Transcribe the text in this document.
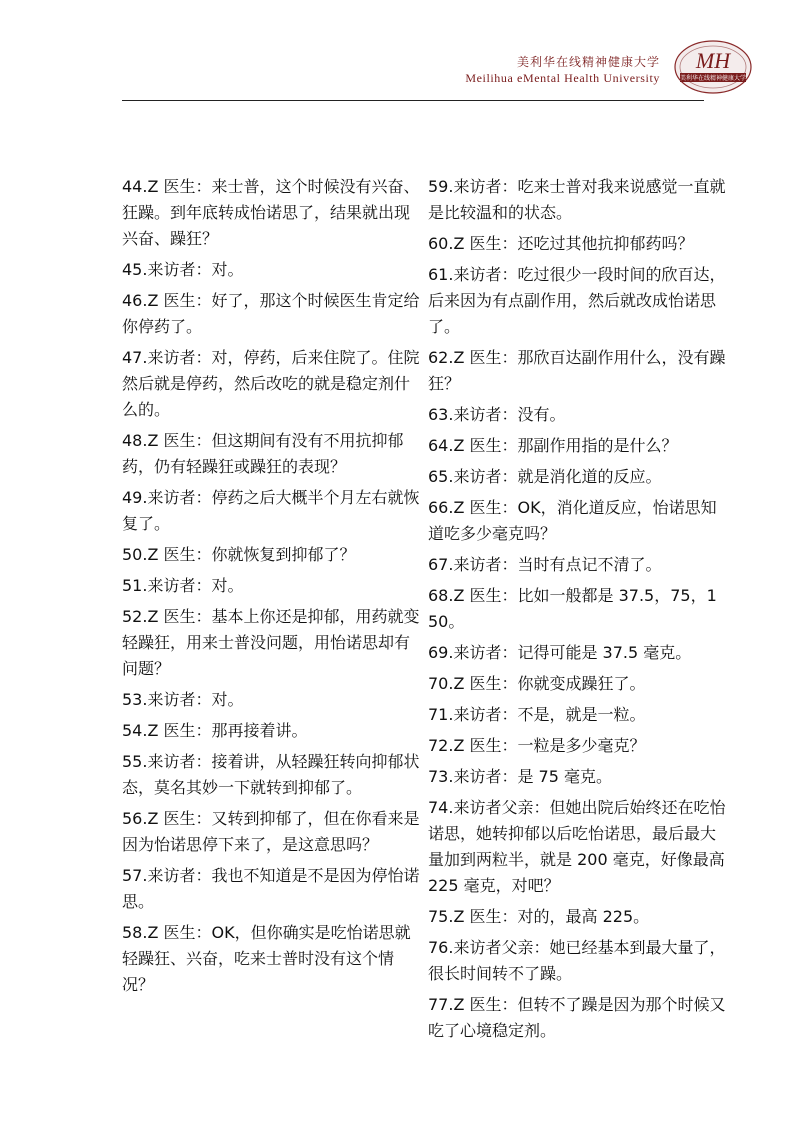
美利华在线精神健康大学
Meilihua eMental Health University
MH
美利华在线精神健康大学

44.Z 医生：来士普，这个时候没有兴奋、狂躁。到年底转成怡诺思了，结果就出现兴奋、躁狂？

45.来访者：对。

46.Z 医生：好了，那这个时候医生肯定给你停药了。

47.来访者：对，停药，后来住院了。住院然后就是停药，然后改吃的就是稳定剂什么的。

48.Z 医生：但这期间有没有不用抗抑郁药，仍有轻躁狂或躁狂的表现？

49.来访者：停药之后大概半个月左右就恢复了。

50.Z 医生：你就恢复到抑郁了？

51.来访者：对。

52.Z 医生：基本上你还是抑郁，用药就变轻躁狂，用来士普没问题，用怡诺思却有问题？

53.来访者：对。

54.Z 医生：那再接着讲。

55.来访者：接着讲，从轻躁狂转向抑郁状态，莫名其妙一下就转到抑郁了。

56.Z 医生：又转到抑郁了，但在你看来是因为怡诺思停下来了，是这意思吗？

57.来访者：我也不知道是不是因为停怡诺思。

58.Z 医生：OK，但你确实是吃怡诺思就轻躁狂、兴奋，吃来士普时没有这个情况？

59.来访者：吃来士普对我来说感觉一直就是比较温和的状态。

60.Z 医生：还吃过其他抗抑郁药吗？

61.来访者：吃过很少一段时间的欣百达，后来因为有点副作用，然后就改成怡诺思了。

62.Z 医生：那欣百达副作用什么，没有躁狂？

63.来访者：没有。

64.Z 医生：那副作用指的是什么？

65.来访者：就是消化道的反应。

66.Z 医生：OK，消化道反应，怡诺思知道吃多少毫克吗？

67.来访者：当时有点记不清了。

68.Z 医生：比如一般都是 37.5，75，150。

69.来访者：记得可能是 37.5 毫克。

70.Z 医生：你就变成躁狂了。

71.来访者：不是，就是一粒。

72.Z 医生：一粒是多少毫克？

73.来访者：是 75 毫克。

74.来访者父亲：但她出院后始终还在吃怡诺思，她转抑郁以后吃怡诺思，最后最大量加到两粒半，就是 200 毫克，好像最高 225 毫克，对吧？

75.Z 医生：对的，最高 225。

76.来访者父亲：她已经基本到最大量了，很长时间转不了躁。

77.Z 医生：但转不了躁是因为那个时候又吃了心境稳定剂。
